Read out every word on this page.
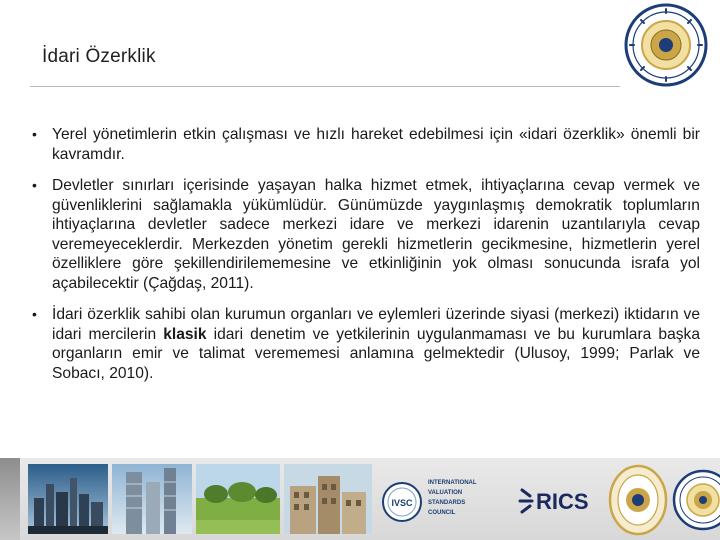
İdari Özerklik
• Yerel yönetimlerin etkin çalışması ve hızlı hareket edebilmesi için «idari özerklik» önemli bir kavramdır.
• Devletler sınırları içerisinde yaşayan halka hizmet etmek, ihtiyaçlarına cevap vermek ve güvenliklerini sağlamakla yükümlüdür. Günümüzde yaygınlaşmış demokratik toplumların ihtiyaçlarına devletler sadece merkezi idare ve merkezi idarenin uzantılarıyla cevap veremeyeceklerdir. Merkezden yönetim gerekli hizmetlerin gecikmesine, hizmetlerin yerel özelliklere göre şekillendirilememesine ve etkinliğinin yok olması sonucunda israfa yol açabilecektir (Çağdaş, 2011).
• İdari özerklik sahibi olan kurumun organları ve eylemleri üzerinde siyasi (merkezi) iktidarın ve idari mercilerin klasik idari denetim ve yetkilerinin uygulanmaması ve bu kurumlara başka organların emir ve talimat verememesi anlamına gelmektedir (Ulusoy, 1999; Parlak ve Sobacı, 2010).
IVSC
INTERNATIONAL
VALUATION
STANDARDS
COUNCIL	RICS
